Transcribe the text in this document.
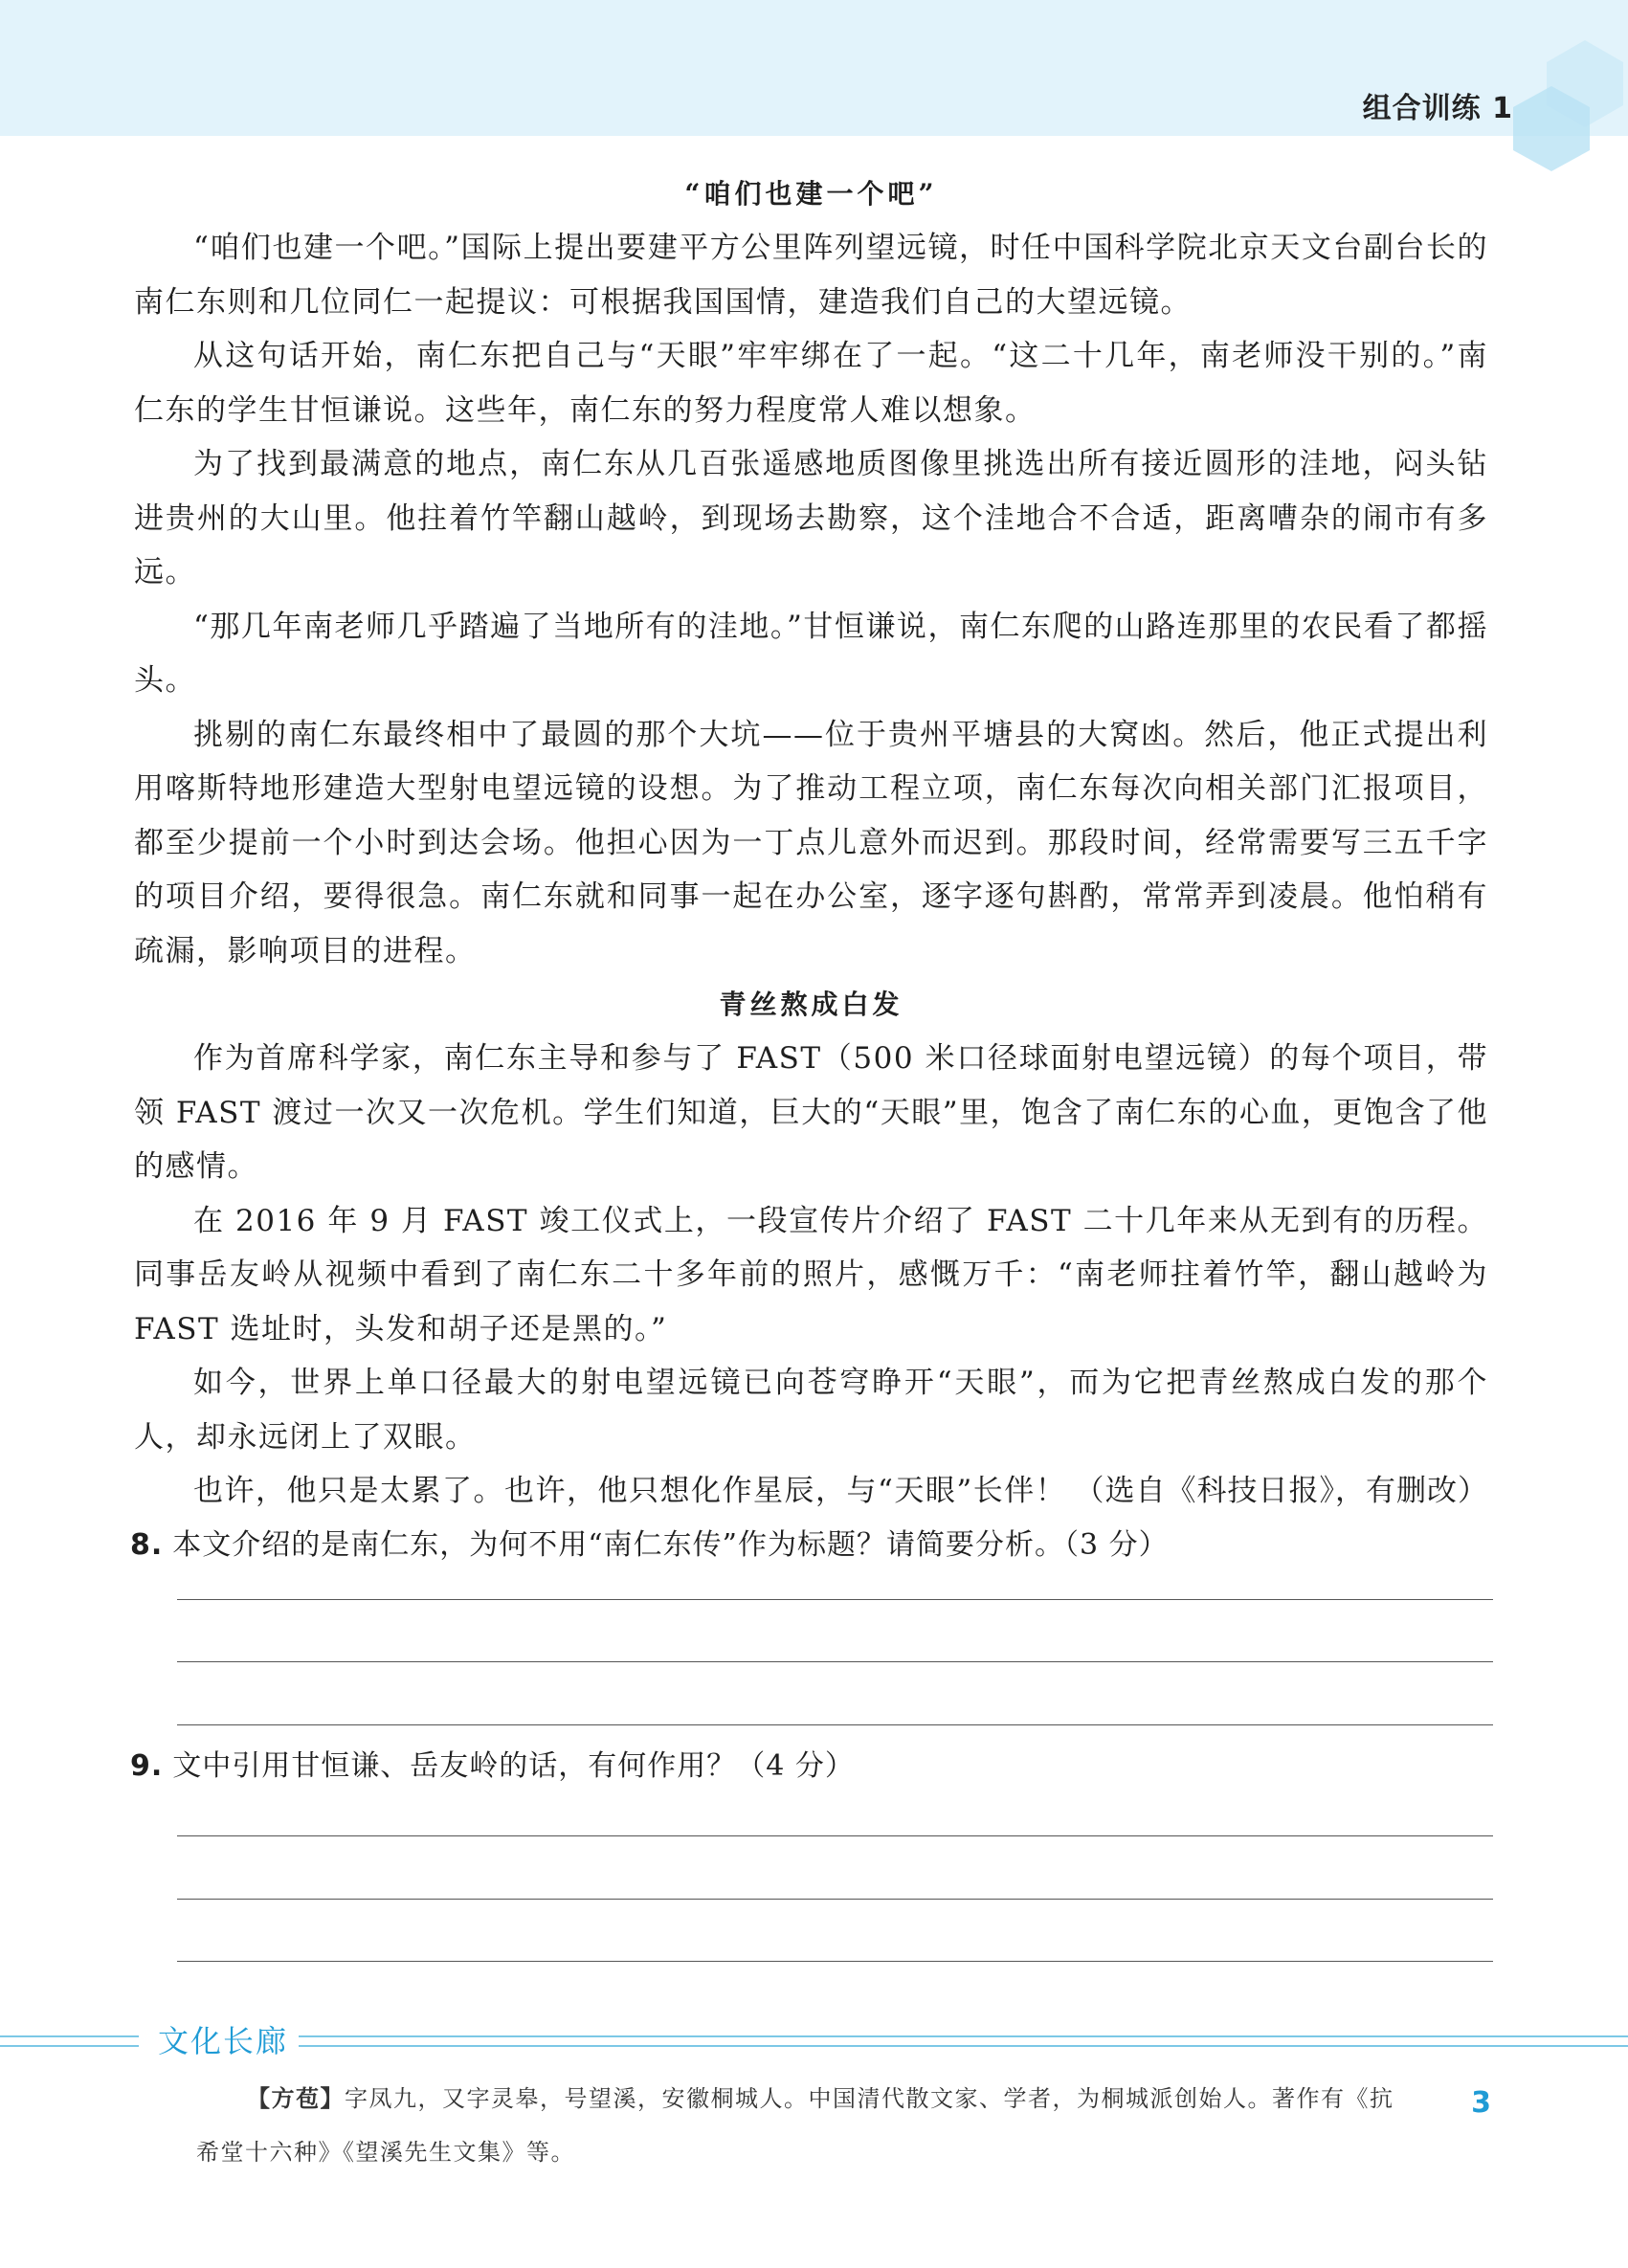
组合训练 1
“咱们也建一个吧”

“咱们也建一个吧。”国际上提出要建平方公里阵列望远镜，时任中国科学院北京天文台副台长的南仁东则和几位同仁一起提议：可根据我国国情，建造我们自己的大望远镜。

从这句话开始，南仁东把自己与“天眼”牢牢绑在了一起。“这二十几年，南老师没干别的。”南仁东的学生甘恒谦说。这些年，南仁东的努力程度常人难以想象。

为了找到最满意的地点，南仁东从几百张遥感地质图像里挑选出所有接近圆形的洼地，闷头钻进贵州的大山里。他拄着竹竿翻山越岭，到现场去勘察，这个洼地合不合适，距离嘈杂的闹市有多远。

“那几年南老师几乎踏遍了当地所有的洼地。”甘恒谦说，南仁东爬的山路连那里的农民看了都摇头。

挑剔的南仁东最终相中了最圆的那个大坑——位于贵州平塘县的大窝凼。然后，他正式提出利用喀斯特地形建造大型射电望远镜的设想。为了推动工程立项，南仁东每次向相关部门汇报项目，都至少提前一个小时到达会场。他担心因为一丁点儿意外而迟到。那段时间，经常需要写三五千字的项目介绍，要得很急。南仁东就和同事一起在办公室，逐字逐句斟酌，常常弄到凌晨。他怕稍有疏漏，影响项目的进程。

青丝熬成白发

作为首席科学家，南仁东主导和参与了 FAST（500 米口径球面射电望远镜）的每个项目，带领 FAST 渡过一次又一次危机。学生们知道，巨大的“天眼”里，饱含了南仁东的心血，更饱含了他的感情。

在 2016 年 9 月 FAST 竣工仪式上，一段宣传片介绍了 FAST 二十几年来从无到有的历程。同事岳友岭从视频中看到了南仁东二十多年前的照片，感慨万千：“南老师拄着竹竿，翻山越岭为 FAST 选址时，头发和胡子还是黑的。”

如今，世界上单口径最大的射电望远镜已向苍穹睁开“天眼”，而为它把青丝熬成白发的那个人，却永远闭上了双眼。

也许，他只是太累了。也许，他只想化作星辰，与“天眼”长伴！ （选自《科技日报》，有删改）
8. 本文介绍的是南仁东，为何不用“南仁东传”作为标题？请简要分析。（3 分）
9. 文中引用甘恒谦、岳友岭的话，有何作用？（4 分）
文化长廊
【方苞】字凤九，又字灵皋，号望溪，安徽桐城人。中国清代散文家、学者，为桐城派创始人。著作有《抗希堂十六种》《望溪先生文集》等。
3
